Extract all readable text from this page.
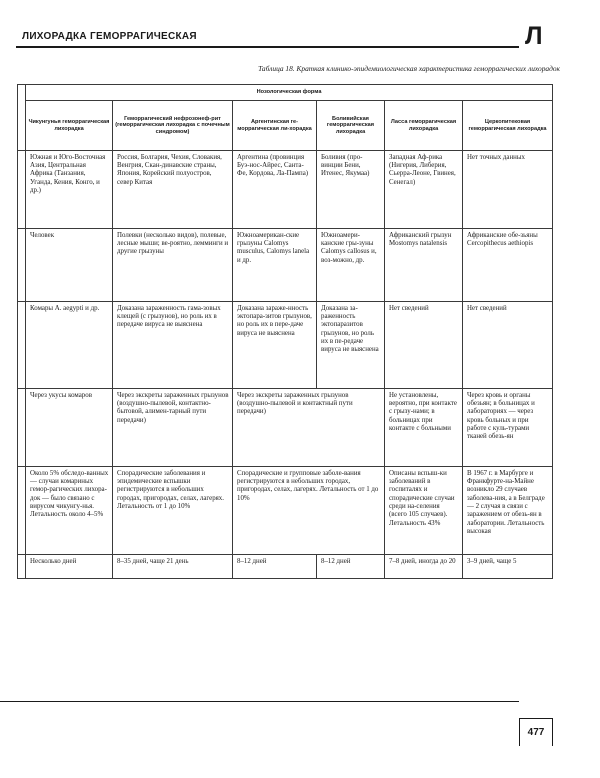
ЛИХОРАДКА ГЕМОРРАГИЧЕСКАЯ	Л
Таблица 18. Краткая клинико-эпидемиологическая характеристика геморрагических лихорадок
	Нозологическая форма					
	Чикунгунья геморрагическая лихорадка	Геморрагический нефрозонеф-рит (геморрагическая лихорадка с почечным синдромом)	Аргентинская ге-моррагическая ли-хорадка	Боливийская геморрагическая лихорадка	Ласса геморрагическая лихорадка	Церкопитековая геморрагическая лихорадка
	Южная и Юго-Восточная Азия, Центральная Африка (Танзания, Уганда, Кения, Конго, и др.)	Россия, Болгария, Чехия, Словакия, Венгрия, Скан-динавские страны, Япония, Корейский полуостров, север Китая	Аргентина (провинция Буэ-нос-Айрес, Санта-Фе, Кордова, Ла-Пампа)	Боливия (про-винции Бени, Итенес, Якумаа)	Западная Аф-рика (Нигерия, Либерия, Сьерра-Леоне, Гвинея, Сенегал)	Нет точных данных
	Человек	Полевки (несколько видов), полевые, лесные мыши; ве-роятно, лемминги и другие грызуны	Южноамерикан-ские грызуны Calomys musculus, Calomys lanela и др.	Южноамери-канские гры-зуны Calomys callosus и, воз-можно, др.	Африканский грызун Mostomys natalensis	Африканские обе-зьяны Cercopithecus aethiopis
	Комары A. aegypti и др.	Доказана зараженность гама-зовых клещей (с грызунов), но роль их в передаче вируса не выяснена	Доказана зараже-нность эктопара-зитов грызунов, но роль их в пере-даче вируса не выяснена	Доказана за-раженность эктопаразитов грызунов, но роль их в пе-редаче вируса не выяснена	Нет сведений	Нет сведений
	Через укусы комаров	Через экскреты зараженных грызунов (воздушно-пылевой, контактно-бытовой, алимен-тарный пути передачи)	Через экскреты зараженных грызунов (воздушно-пылевой и контактный пути передачи)		Не установлены, вероятно, при контакте с грызу-нами; в больницах при контакте с больными	Через кровь и органы обезьян; в больницах и лабораториях — через кровь больных и при работе с куль-турами тканей обезь-ян
	Около 5% обследо-ванных — случаи комариных гемор-рагических лихора-док — было связано с вирусом чикунгу-нья. Летальность около 4–5%	Спорадические заболевания и эпидемические вспышки регистрируются в небольших городах, пригородах, селах, лагерях. Летальность от 1 до 10%	Спорадические и групповые заболе-вания регистрируются в небольших городах, пригородах, селах, лагерях. Летальность от 1 до 10%		Описаны вспыш-ки заболеваний в госпиталях и спорадические случаи среди на-селения (всего 105 случаев). Летальность 43%	В 1967 г. в Марбурге и Франкфурте-на-Майне возникло 29 случаев заболева-ния, а в Белграде — 2 случая в связи с заражением от обезь-ян в лаборатории. Летальность высокая
	Несколько дней	8–35 дней, чаще 21 день	8–12 дней	8–12 дней	7–8 дней, иногда до 20	3–9 дней, чаще 5
477
